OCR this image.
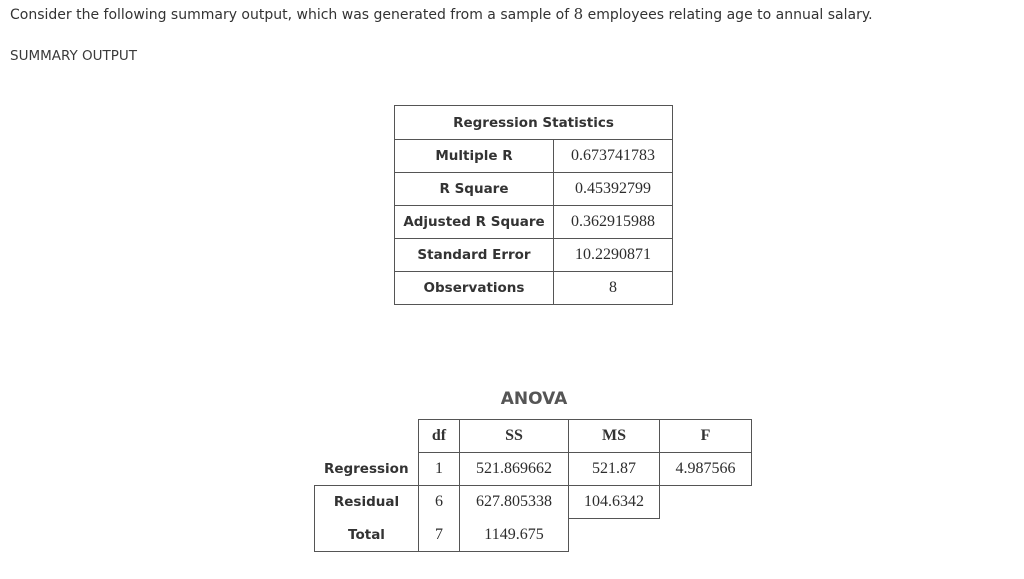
Consider the following summary output, which was generated from a sample of 8 employees relating age to annual salary.
SUMMARY OUTPUT
Regression Statistics	
Multiple R	0.673741783
R Square	0.45392799
Adjusted R Square	0.362915988
Standard Error	10.2290871
Observations	8
ANOVA
	df	SS	MS	F
Regression	1	521.869662	521.87	4.987566
Residual	6	627.805338	104.6342	
Total	7	1149.675		
